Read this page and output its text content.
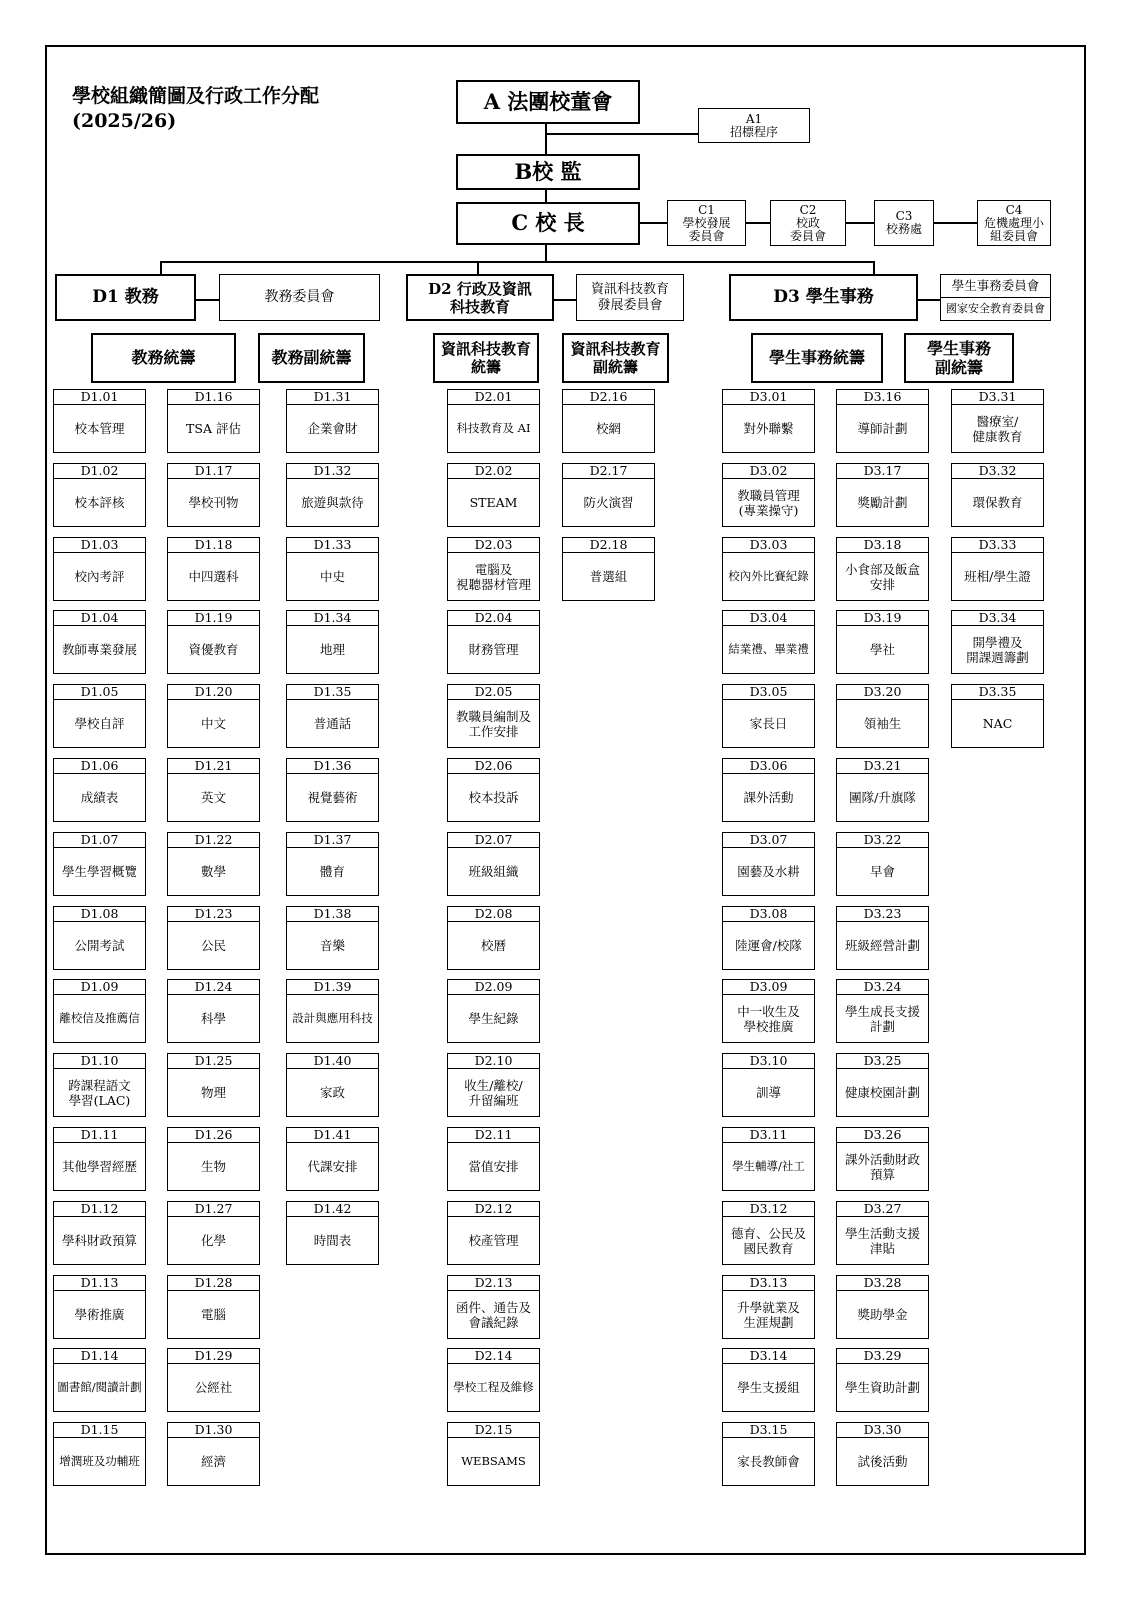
學校組織簡圖及行政工作分配
(2025/26)
A 法團校董會
A1
招標程序
B校 監
C 校 長
C1
學校發展
委員會
C2
校政
委員會
C3
校務處
C4
危機處理小
組委員會
D1 教務	教務委員會	D2 行政及資訊
科技教育
資訊科技教育
發展委員會	D3 學生事務
學生事務委員會
國家安全教育委員會
教務統籌	教務副統籌	資訊科技教育
統籌
資訊科技教育
副統籌
學生事務統籌	學生事務
副統籌
D1.01
校本管理
D1.02
校本評核
D1.03
校內考評
D1.04
教師專業發展
D1.05
學校自評
D1.06
成績表
D1.07
學生學習概覽
D1.08
公開考試
D1.09
離校信及推薦信
D1.10
跨課程語文
學習(LAC)
D1.11
其他學習經歷
D1.12
學科財政預算
D1.13
學術推廣
D1.14
圖書館/閱讀計劃
D1.15
增潤班及功輔班
D1.16
TSA 評估
D1.17
學校刊物
D1.18
中四選科
D1.19
資優教育
D1.20
中文
D1.21
英文
D1.22
數學
D1.23
公民
D1.24
科學
D1.25
物理
D1.26
生物
D1.27
化學
D1.28
電腦
D1.29
公經社
D1.30
經濟
D1.31
企業會財
D1.32
旅遊與款待
D1.33
中史
D1.34
地理
D1.35
普通話
D1.36
視覺藝術
D1.37
體育
D1.38
音樂
D1.39
設計與應用科技
D1.40
家政
D1.41
代課安排
D1.42
時間表
D2.01
科技教育及 AI
D2.02
STEAM
D2.03
電腦及
視聽器材管理
D2.04
財務管理
D2.05
教職員編制及
工作安排
D2.06
校本投訴
D2.07
班級組織
D2.08
校曆
D2.09
學生紀錄
D2.10
收生/離校/
升留編班
D2.11
當值安排
D2.12
校產管理
D2.13
函件、通告及
會議紀錄
D2.14
學校工程及維修
D2.15
WEBSAMS
D2.16
校網
D2.17
防火演習
D2.18
普選組
D3.01
對外聯繫
D3.02
教職員管理
(專業操守)
D3.03
校內外比賽紀錄
D3.04
結業禮、畢業禮
D3.05
家長日
D3.06
課外活動
D3.07
園藝及水耕
D3.08
陸運會/校隊
D3.09
中一收生及
學校推廣
D3.10
訓導
D3.11
學生輔導/社工
D3.12
德育、公民及
國民教育
D3.13
升學就業及
生涯規劃
D3.14
學生支援組
D3.15
家長教師會
D3.16
導師計劃
D3.17
獎勵計劃
D3.18
小食部及飯盒
安排
D3.19
學社
D3.20
領袖生
D3.21
團隊/升旗隊
D3.22
早會
D3.23
班級經營計劃
D3.24
學生成長支援
計劃
D3.25
健康校園計劃
D3.26
課外活動財政
預算
D3.27
學生活動支援
津貼
D3.28
獎助學金
D3.29
學生資助計劃
D3.30
試後活動
D3.31
醫療室/
健康教育
D3.32
環保教育
D3.33
班相/學生證
D3.34
開學禮及
開課週籌劃
D3.35
NAC
